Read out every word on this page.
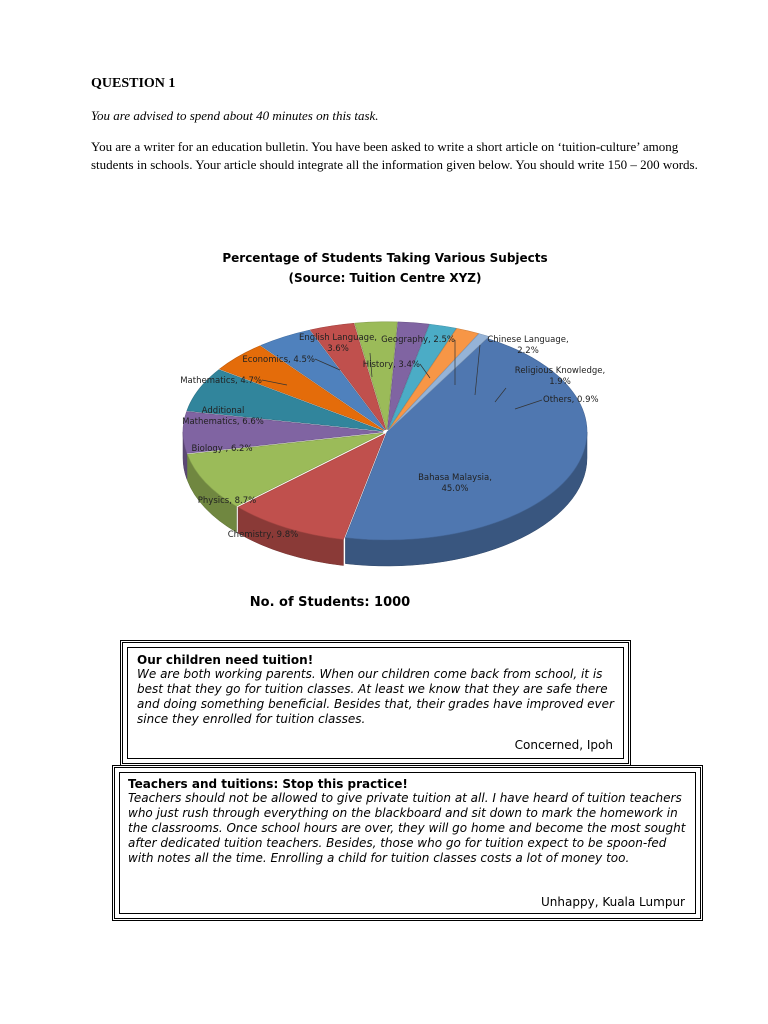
QUESTION 1
You are advised to spend about 40 minutes on this task.
You are a writer for an education bulletin. You have been asked to write a short article on ‘tuition-culture’ among students in schools. Your article should integrate all the information given below. You should write 150 – 200 words.
Percentage of Students Taking Various Subjects
(Source: Tuition Centre XYZ)
Bahasa Malaysia, 45.0%
Chemistry, 9.8%
Physics, 8.7%
Biology , 6.2%
Additional Mathematics, 6.6%
Mathematics, 4.7%
Economics, 4.5%
English Language, 3.6%
History, 3.4%
Geography, 2.5%	Chinese Language, 2.2%
Religious Knowledge, 1.9%
Others, 0.9%
No. of Students: 1000
Our children need tuition!
We are both working parents. When our children come back from school, it is best that they go for tuition classes. At least we know that they are safe there and doing something beneficial. Besides that, their grades have improved ever since they enrolled for tuition classes.
Concerned, Ipoh
Teachers and tuitions: Stop this practice!
Teachers should not be allowed to give private tuition at all. I have heard of tuition teachers who just rush through everything on the blackboard and sit down to mark the homework in the classrooms. Once school hours are over, they will go home and become the most sought after dedicated tuition teachers. Besides, those who go for tuition expect to be spoon-fed with notes all the time. Enrolling a child for tuition classes costs a lot of money too.
Unhappy, Kuala Lumpur
